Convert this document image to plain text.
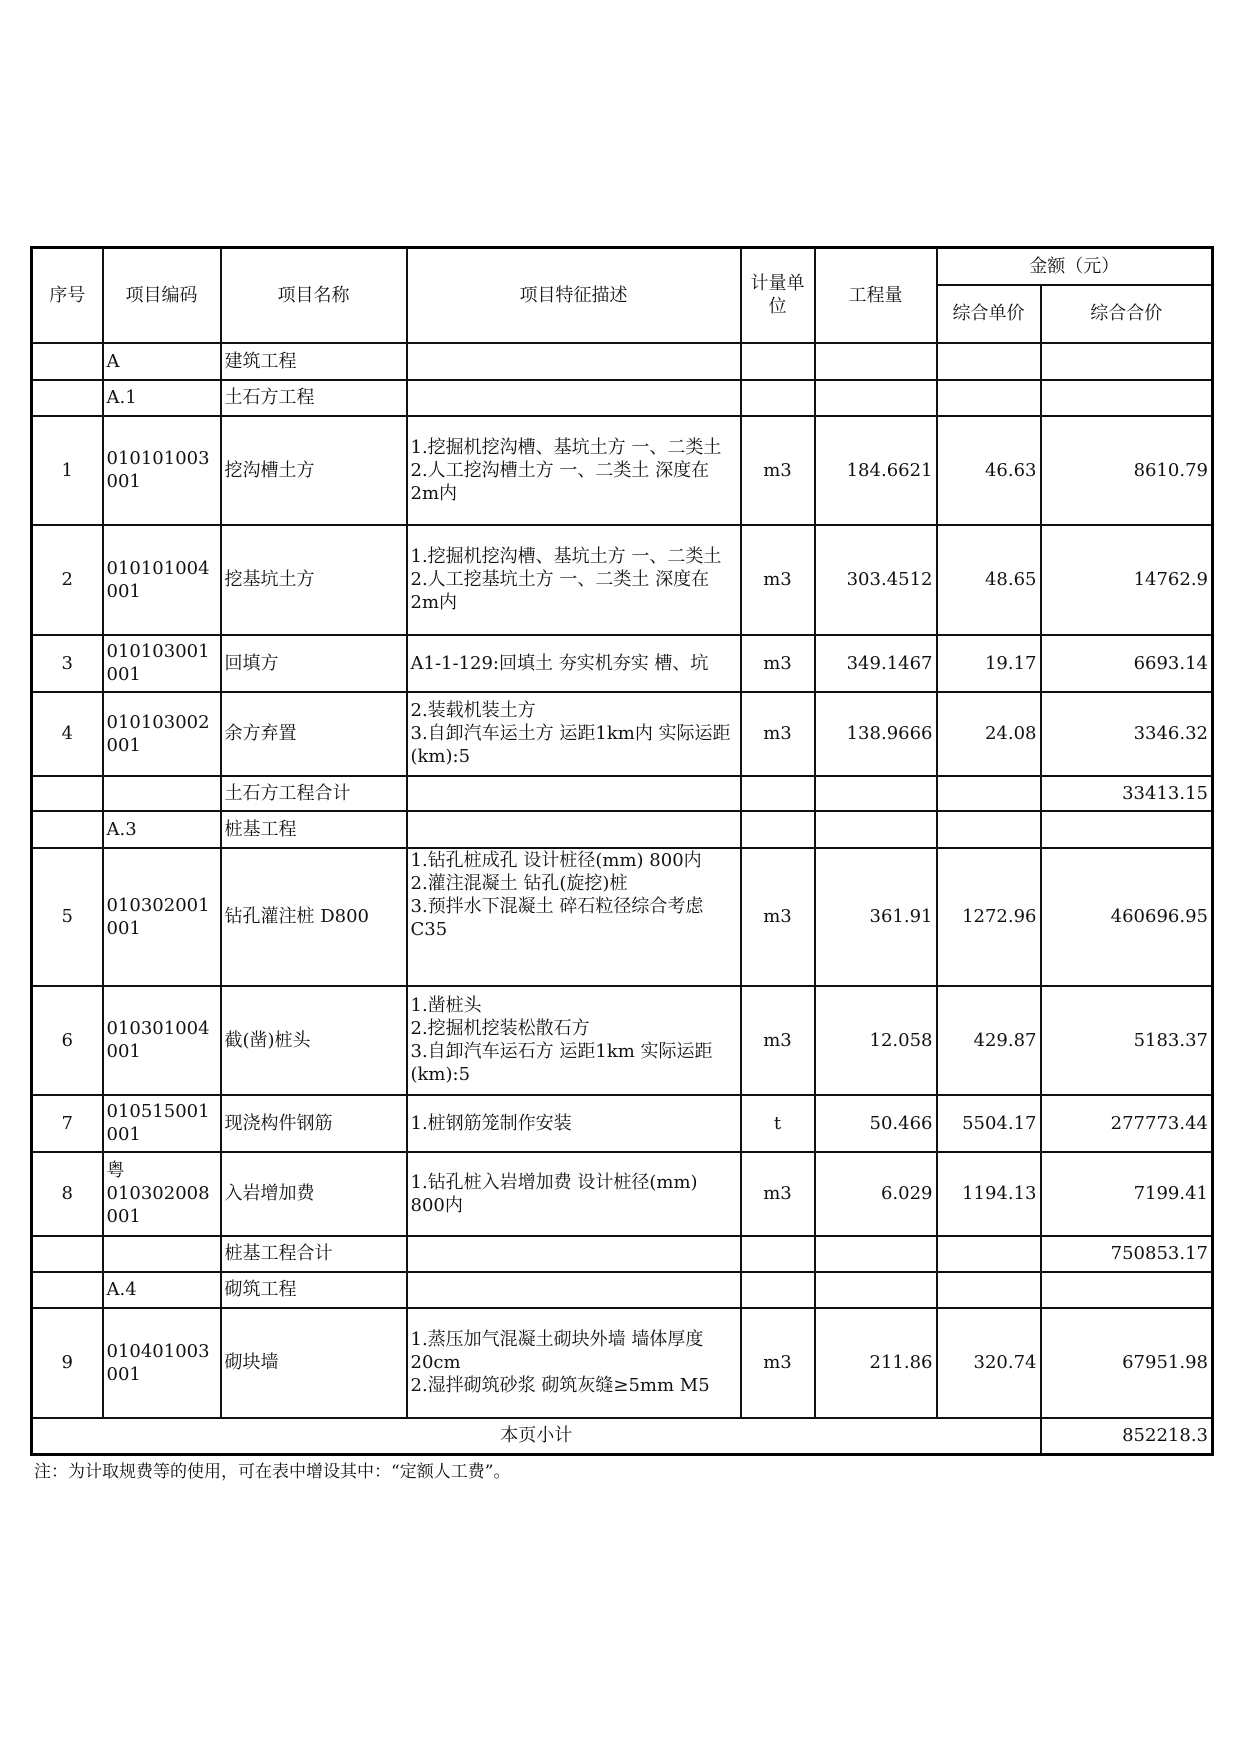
序号	项目编码	项目名称	项目特征描述	计量单位	工程量	金额（元）	
						综合单价	综合合价
	A	建筑工程					
	A.1	土石方工程					
1	010101003001	挖沟槽土方	1.挖掘机挖沟槽、基坑土方 一、二类土
2.人工挖沟槽土方 一、二类土 深度在2m内	m3	184.6621	46.63	8610.79
2	010101004001	挖基坑土方	1.挖掘机挖沟槽、基坑土方 一、二类土
2.人工挖基坑土方 一、二类土 深度在2m内	m3	303.4512	48.65	14762.9
3	010103001001	回填方	A1-1-129:回填土 夯实机夯实 槽、坑	m3	349.1467	19.17	6693.14
4	010103002001	余方弃置	2.装载机装土方
3.自卸汽车运土方 运距1km内 实际运距(km):5	m3	138.9666	24.08	3346.32
		土石方工程合计					33413.15
	A.3	桩基工程					
5	010302001001	钻孔灌注桩 D800	1.钻孔桩成孔 设计桩径(mm) 800内
2.灌注混凝土 钻孔(旋挖)桩
3.预拌水下混凝土 碎石粒径综合考虑 C35	m3	361.91	1272.96	460696.95
6	010301004001	截(凿)桩头	1.凿桩头
2.挖掘机挖装松散石方
3.自卸汽车运石方 运距1km 实际运距(km):5	m3	12.058	429.87	5183.37
7	010515001001	现浇构件钢筋	1.桩钢筋笼制作安装	t	50.466	5504.17	277773.44
8	粤010302008001	入岩增加费	1.钻孔桩入岩增加费 设计桩径(mm) 800内	m3	6.029	1194.13	7199.41
		桩基工程合计					750853.17
	A.4	砌筑工程					
9	010401003001	砌块墙	1.蒸压加气混凝土砌块外墙 墙体厚度 20cm
2.湿拌砌筑砂浆 砌筑灰缝≥5mm M5	m3	211.86	320.74	67951.98
本页小计							852218.3
注：为计取规费等的使用，可在表中增设其中：“定额人工费”。
